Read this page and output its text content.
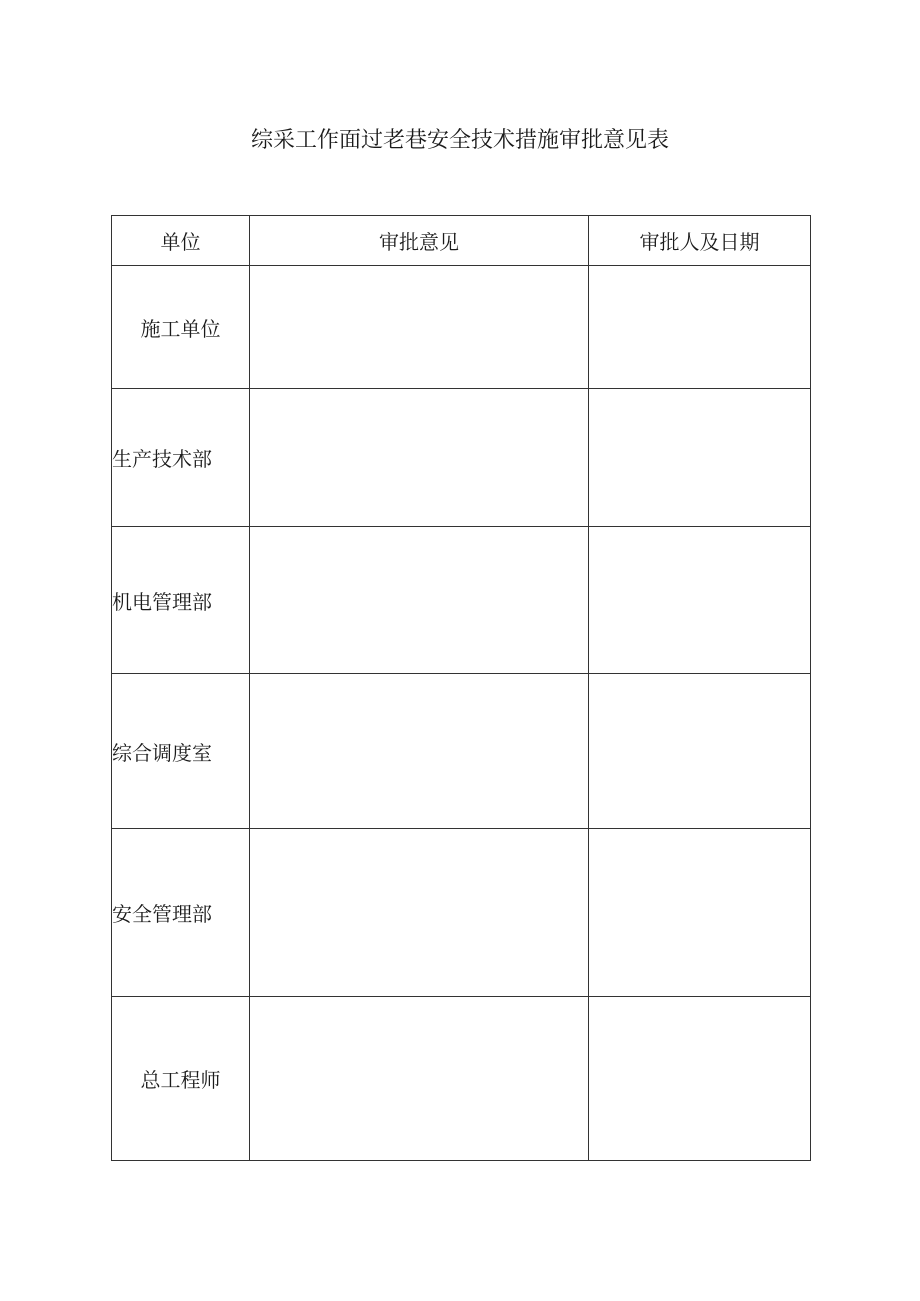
综采工作面过老巷安全技术措施审批意见表
单位	审批意见	审批人及日期
施工单位		
生产技术部		
机电管理部		
综合调度室		
安全管理部		
总工程师		
